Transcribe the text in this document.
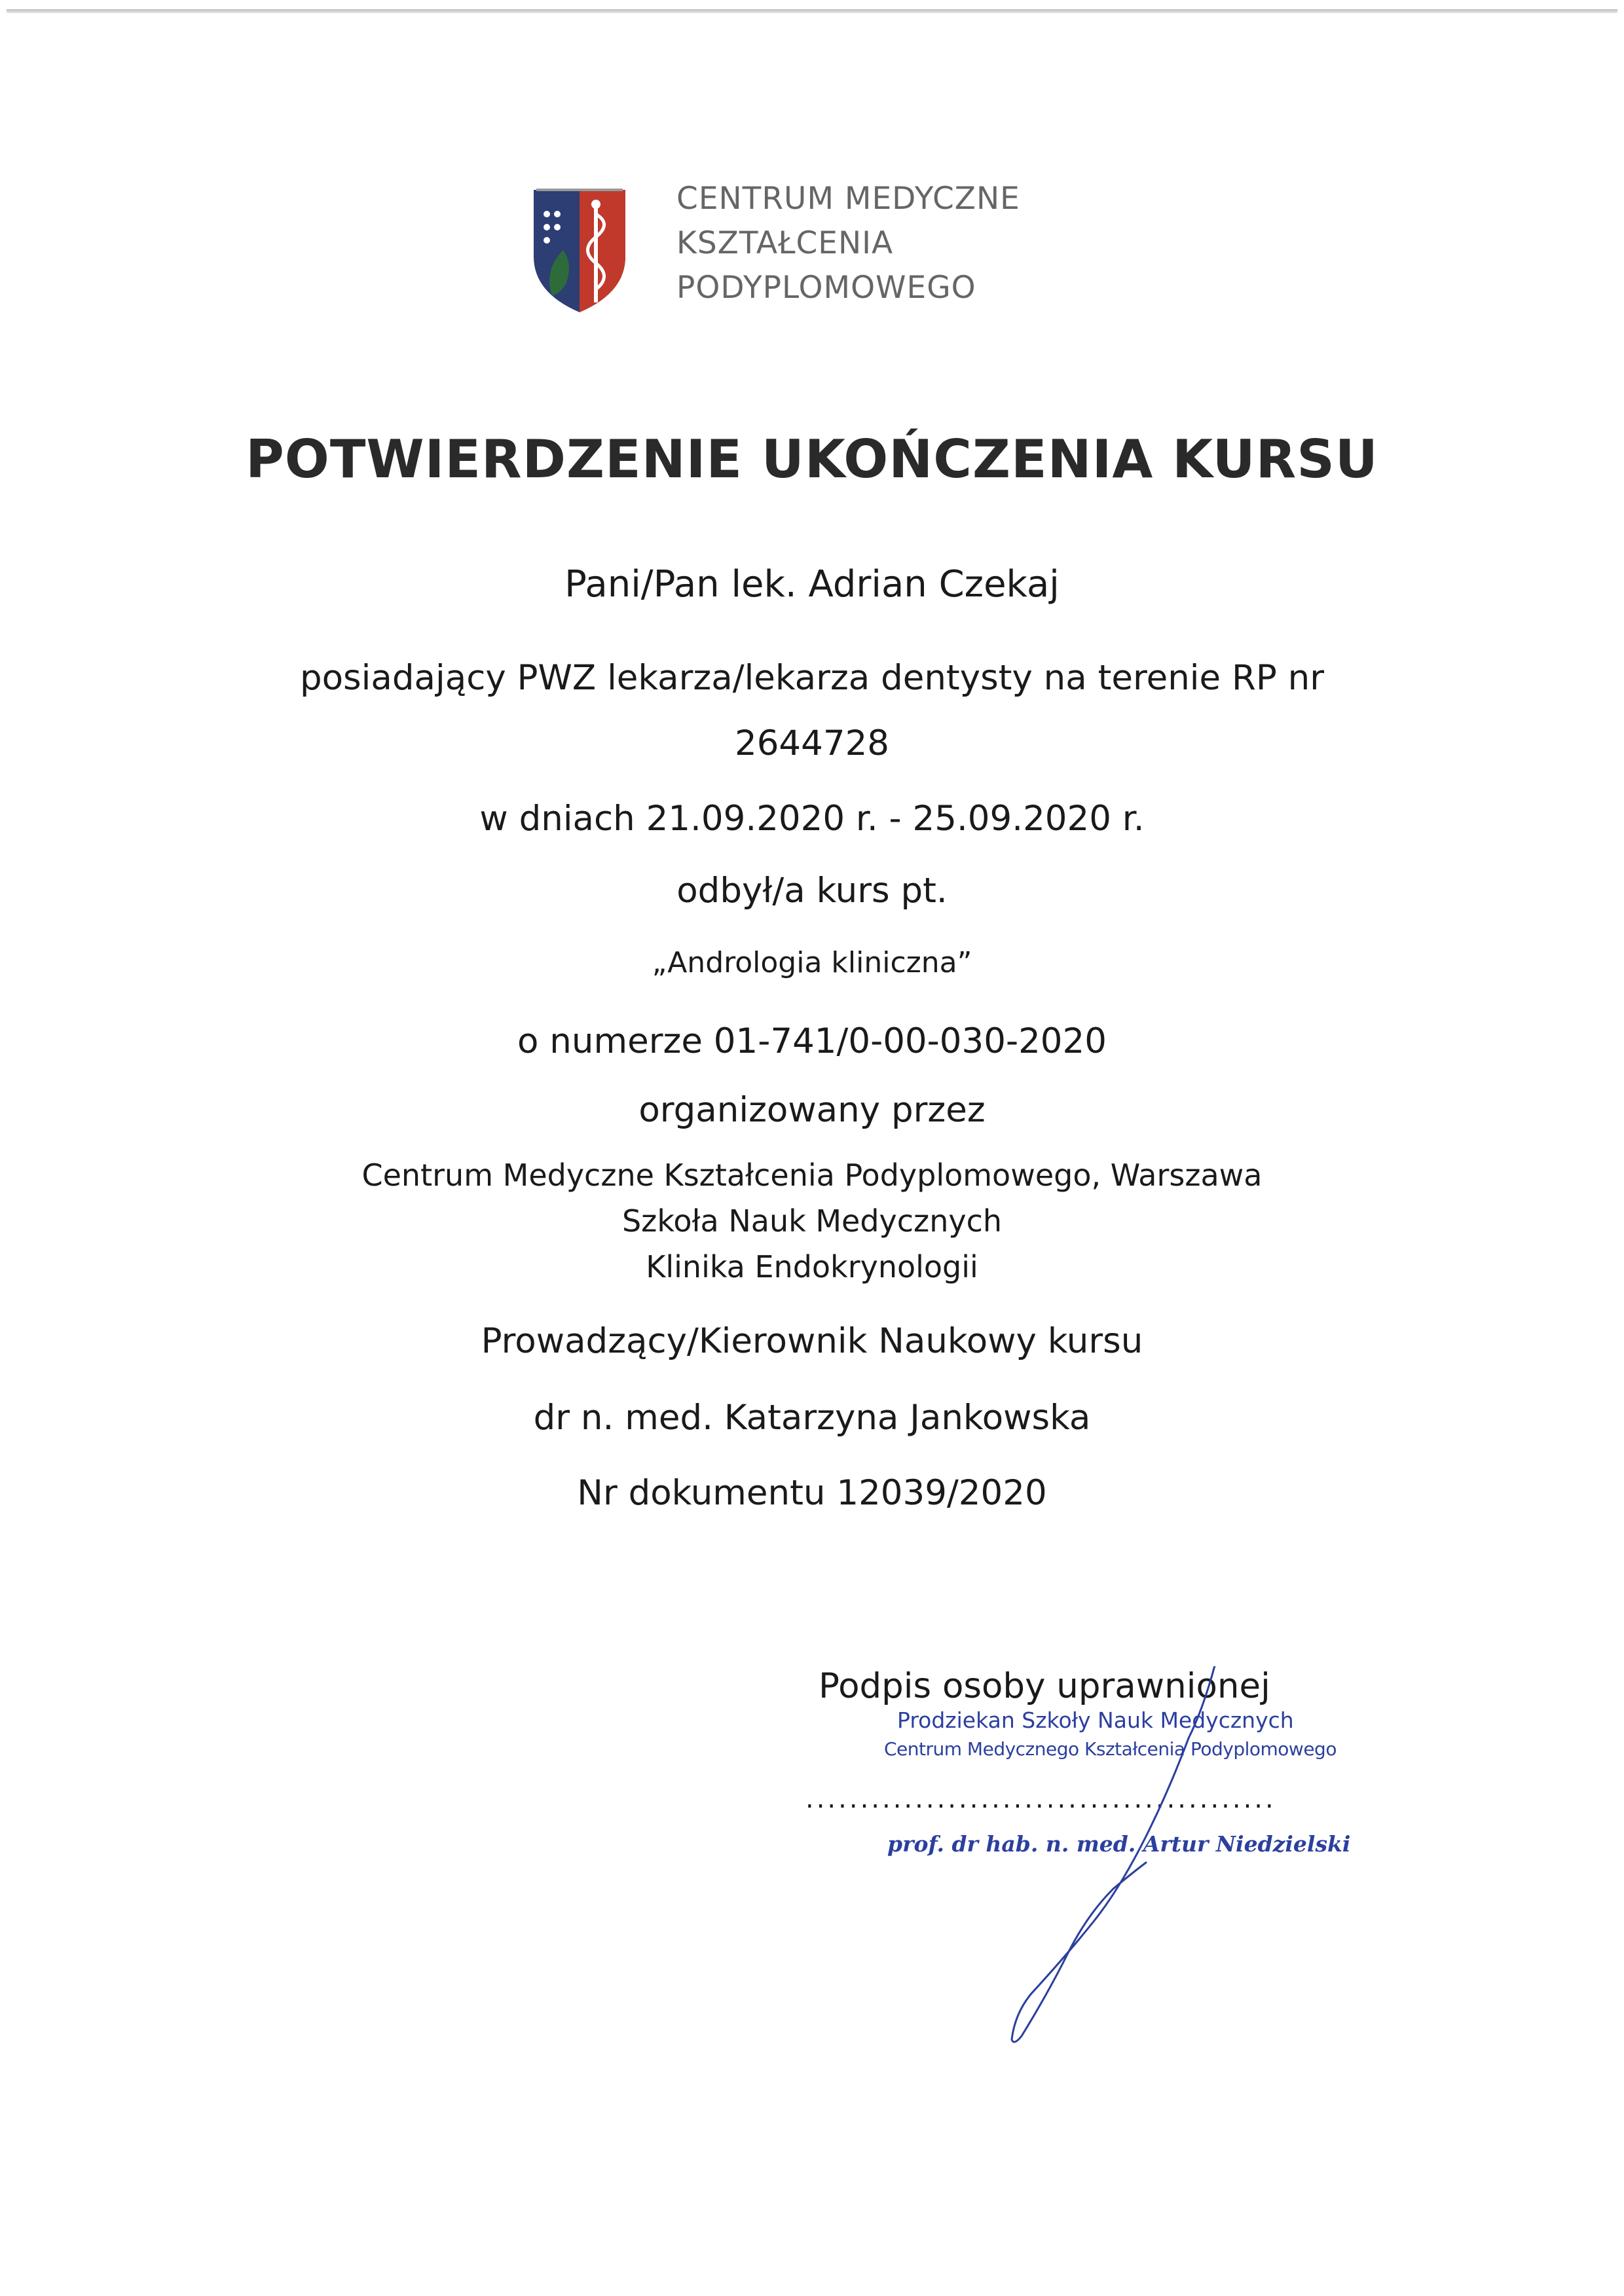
CENTRUM MEDYCZNE
KSZTAŁCENIA
PODYPLOMOWEGO
POTWIERDZENIE UKOŃCZENIA KURSU
Pani/Pan lek. Adrian Czekaj
posiadający PWZ lekarza/lekarza dentysty na terenie RP nr
2644728
w dniach 21.09.2020 r. - 25.09.2020 r.
odbył/a kurs pt.
„Andrologia kliniczna”
o numerze 01-741/0-00-030-2020
organizowany przez
Centrum Medyczne Kształcenia Podyplomowego, Warszawa
Szkoła Nauk Medycznych
Klinika Endokrynologii
Prowadzący/Kierownik Naukowy kursu
dr n. med. Katarzyna Jankowska
Nr dokumentu 12039/2020
Podpis osoby uprawnionej
Prodziekan Szkoły Nauk Medycznych
Centrum Medycznego Kształcenia Podyplomowego
...........................................
prof. dr hab. n. med. Artur Niedzielski
